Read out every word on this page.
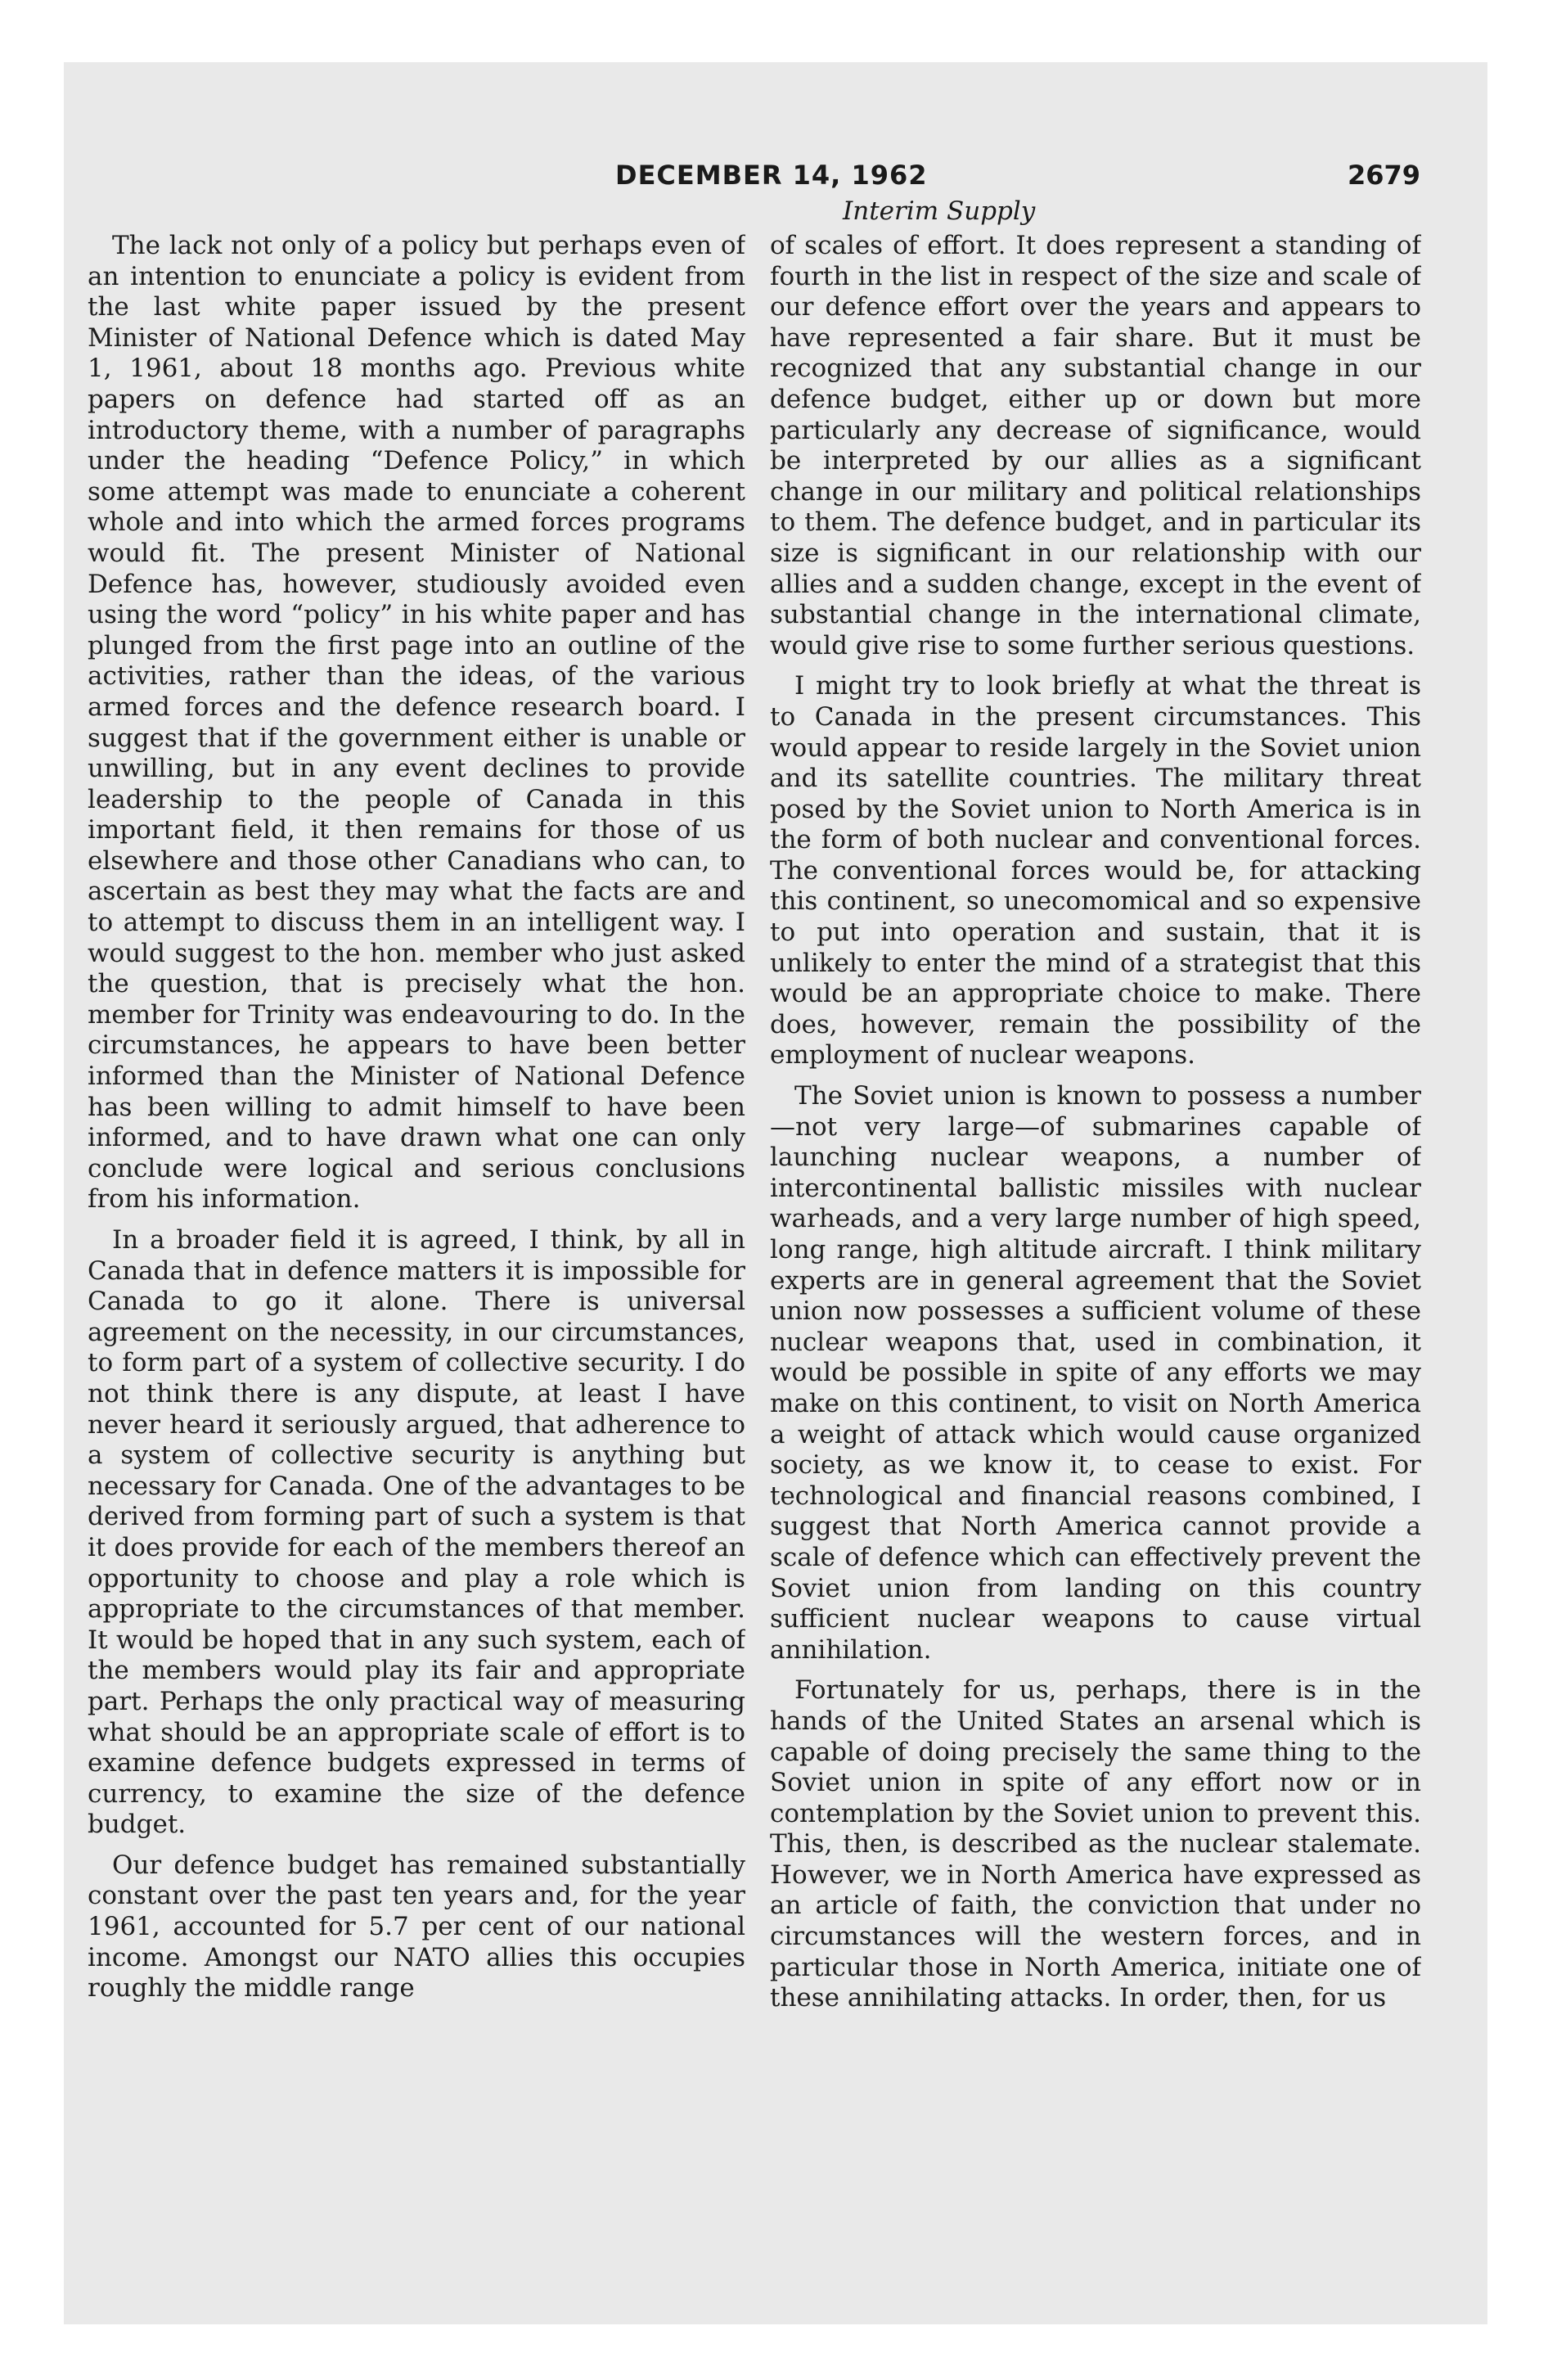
DECEMBER 14, 1962	2679
Interim Supply

The lack not only of a policy but perhaps even of an intention to enunciate a policy is evident from the last white paper issued by the present Minister of National Defence which is dated May 1, 1961, about 18 months ago. Previous white papers on defence had started off as an introductory theme, with a number of paragraphs under the heading “Defence Policy,” in which some attempt was made to enunciate a coherent whole and into which the armed forces programs would fit. The present Minister of National Defence has, however, studiously avoided even using the word “policy” in his white paper and has plunged from the first page into an outline of the activities, rather than the ideas, of the various armed forces and the defence research board. I suggest that if the government either is unable or unwilling, but in any event declines to provide leadership to the people of Canada in this important field, it then remains for those of us elsewhere and those other Canadians who can, to ascertain as best they may what the facts are and to attempt to discuss them in an intelligent way. I would suggest to the hon. member who just asked the question, that is precisely what the hon. member for Trinity was endeavouring to do. In the circumstances, he appears to have been better informed than the Minister of National Defence has been willing to admit himself to have been informed, and to have drawn what one can only conclude were logical and serious conclusions from his information.

In a broader field it is agreed, I think, by all in Canada that in defence matters it is impossible for Canada to go it alone. There is universal agreement on the necessity, in our circumstances, to form part of a system of collective security. I do not think there is any dispute, at least I have never heard it seriously argued, that adherence to a system of collective security is anything but necessary for Canada. One of the advantages to be derived from forming part of such a system is that it does provide for each of the members thereof an opportunity to choose and play a role which is appropriate to the circumstances of that member. It would be hoped that in any such system, each of the members would play its fair and appropriate part. Perhaps the only practical way of measuring what should be an appropriate scale of effort is to examine defence budgets expressed in terms of currency, to examine the size of the defence budget.

Our defence budget has remained substantially constant over the past ten years and, for the year 1961, accounted for 5.7 per cent of our national income. Amongst our NATO allies this occupies roughly the middle range

of scales of effort. It does represent a standing of fourth in the list in respect of the size and scale of our defence effort over the years and appears to have represented a fair share. But it must be recognized that any substantial change in our defence budget, either up or down but more particularly any decrease of significance, would be interpreted by our allies as a significant change in our military and political relationships to them. The defence budget, and in particular its size is significant in our relationship with our allies and a sudden change, except in the event of substantial change in the international climate, would give rise to some further serious questions.

I might try to look briefly at what the threat is to Canada in the present circumstances. This would appear to reside largely in the Soviet union and its satellite countries. The military threat posed by the Soviet union to North America is in the form of both nuclear and conventional forces. The conventional forces would be, for attacking this continent, so unecomomical and so expensive to put into operation and sustain, that it is unlikely to enter the mind of a strategist that this would be an appropriate choice to make. There does, however, remain the possibility of the employment of nuclear weapons.

The Soviet union is known to possess a number—not very large—of submarines capable of launching nuclear weapons, a number of intercontinental ballistic missiles with nuclear warheads, and a very large number of high speed, long range, high altitude aircraft. I think military experts are in general agreement that the Soviet union now possesses a sufficient volume of these nuclear weapons that, used in combination, it would be possible in spite of any efforts we may make on this continent, to visit on North America a weight of attack which would cause organized society, as we know it, to cease to exist. For technological and financial reasons combined, I suggest that North America cannot provide a scale of defence which can effectively prevent the Soviet union from landing on this country sufficient nuclear weapons to cause virtual annihilation.

Fortunately for us, perhaps, there is in the hands of the United States an arsenal which is capable of doing precisely the same thing to the Soviet union in spite of any effort now or in contemplation by the Soviet union to prevent this. This, then, is described as the nuclear stalemate. However, we in North America have expressed as an article of faith, the conviction that under no circumstances will the western forces, and in particular those in North America, initiate one of these annihilating attacks. In order, then, for us
